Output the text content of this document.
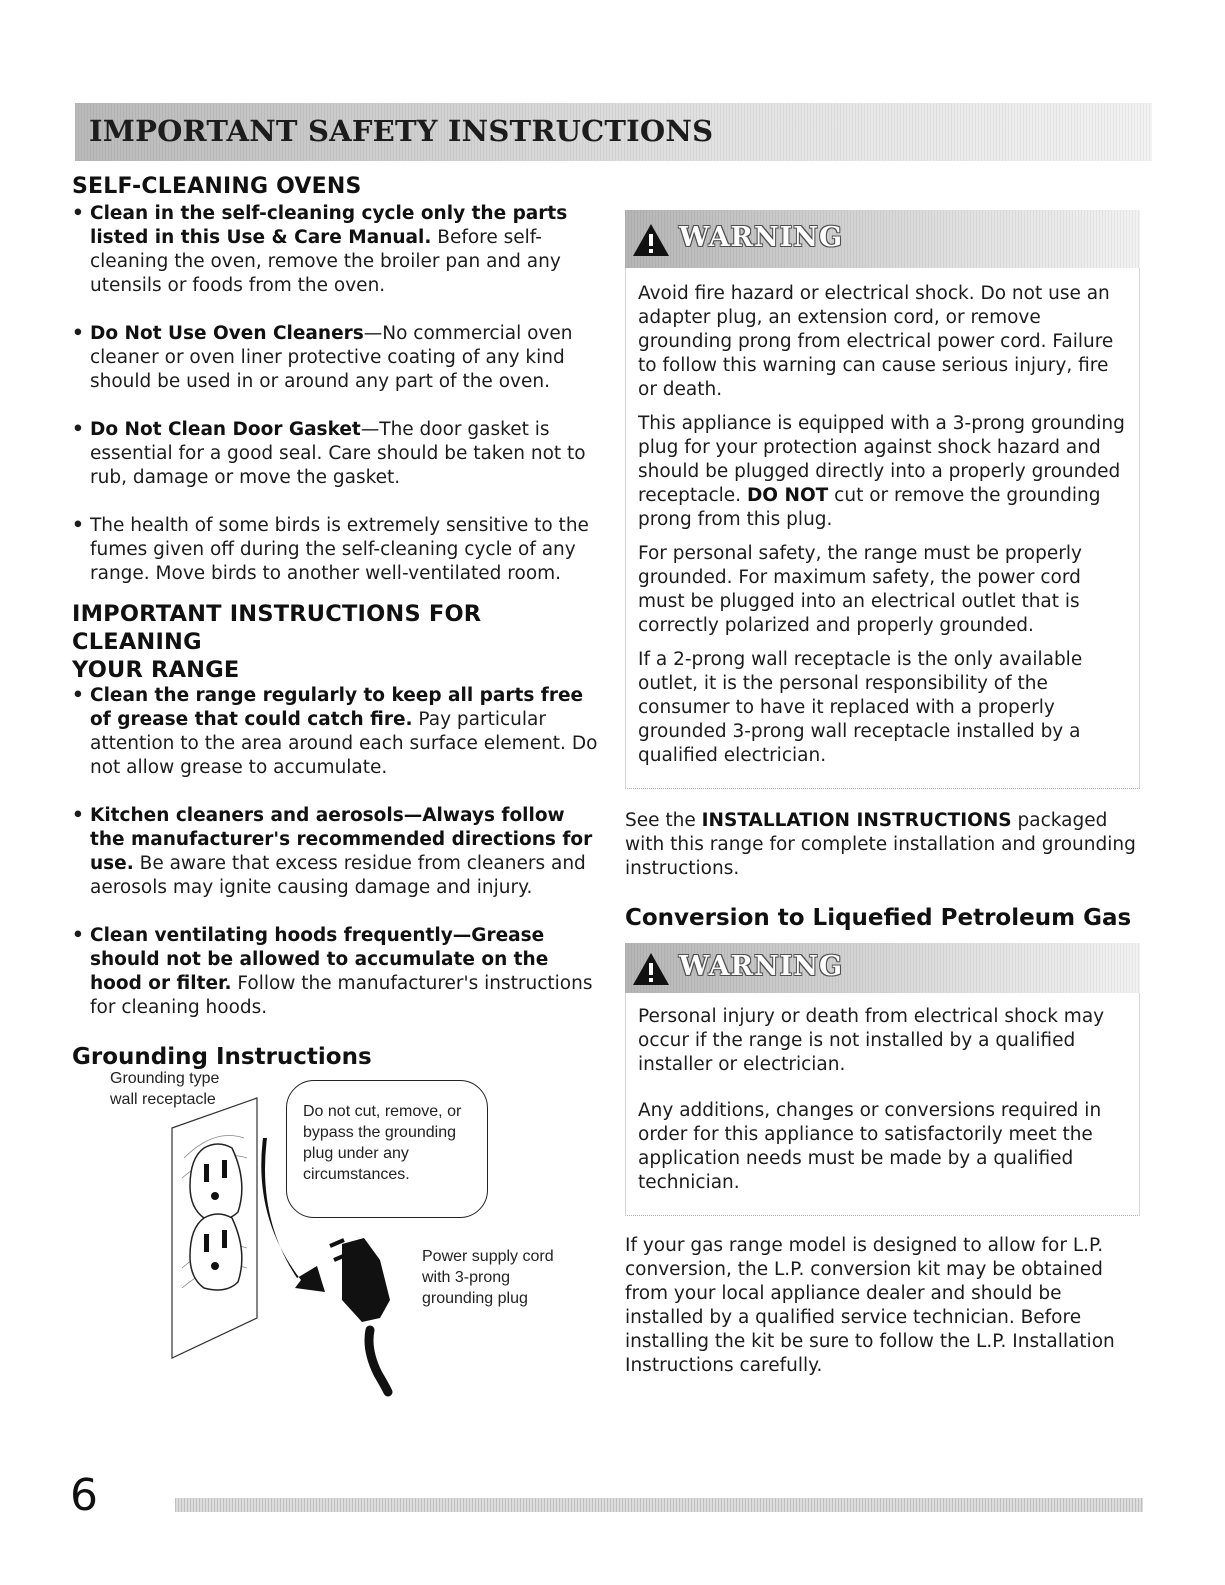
IMPORTANT SAFETY INSTRUCTIONS
SELF-CLEANING OVENS
• Clean in the self-cleaning cycle only the parts listed in this Use & Care Manual. Before self-cleaning the oven, remove the broiler pan and any utensils or foods from the oven.
• Do Not Use Oven Cleaners—No commercial oven cleaner or oven liner protective coating of any kind should be used in or around any part of the oven.
• Do Not Clean Door Gasket—The door gasket is essential for a good seal. Care should be taken not to rub, damage or move the gasket.
• The health of some birds is extremely sensitive to the fumes given off during the self-cleaning cycle of any range. Move birds to another well-ventilated room.
IMPORTANT INSTRUCTIONS FOR CLEANING
YOUR RANGE
• Clean the range regularly to keep all parts free of grease that could catch fire. Pay particular attention to the area around each surface element. Do not allow grease to accumulate.
• Kitchen cleaners and aerosols—Always follow the manufacturer's recommended directions for use. Be aware that excess residue from cleaners and aerosols may ignite causing damage and injury.
• Clean ventilating hoods frequently—Grease should not be allowed to accumulate on the hood or filter. Follow the manufacturer's instructions for cleaning hoods.
Grounding Instructions
Grounding type wall receptacle
Do not cut, remove, or bypass the grounding plug under any circumstances.
Power supply cord with 3-prong grounding plug
WARNING

Avoid fire hazard or electrical shock. Do not use an adapter plug, an extension cord, or remove grounding prong from electrical power cord. Failure to follow this warning can cause serious injury, fire or death.

This appliance is equipped with a 3-prong grounding plug for your protection against shock hazard and should be plugged directly into a properly grounded receptacle. DO NOT cut or remove the grounding prong from this plug.

For personal safety, the range must be properly grounded. For maximum safety, the power cord must be plugged into an electrical outlet that is correctly polarized and properly grounded.

If a 2-prong wall receptacle is the only available outlet, it is the personal responsibility of the consumer to have it replaced with a properly grounded 3-prong wall receptacle installed by a qualified electrician.

See the INSTALLATION INSTRUCTIONS packaged with this range for complete installation and grounding instructions.

Conversion to Liquefied Petroleum Gas
WARNING

Personal injury or death from electrical shock may occur if the range is not installed by a qualified installer or electrician.

Any additions, changes or conversions required in order for this appliance to satisfactorily meet the application needs must be made by a qualified technician.

If your gas range model is designed to allow for L.P. conversion, the L.P. conversion kit may be obtained from your local appliance dealer and should be installed by a qualified service technician. Before installing the kit be sure to follow the L.P. Installation Instructions carefully.

6
